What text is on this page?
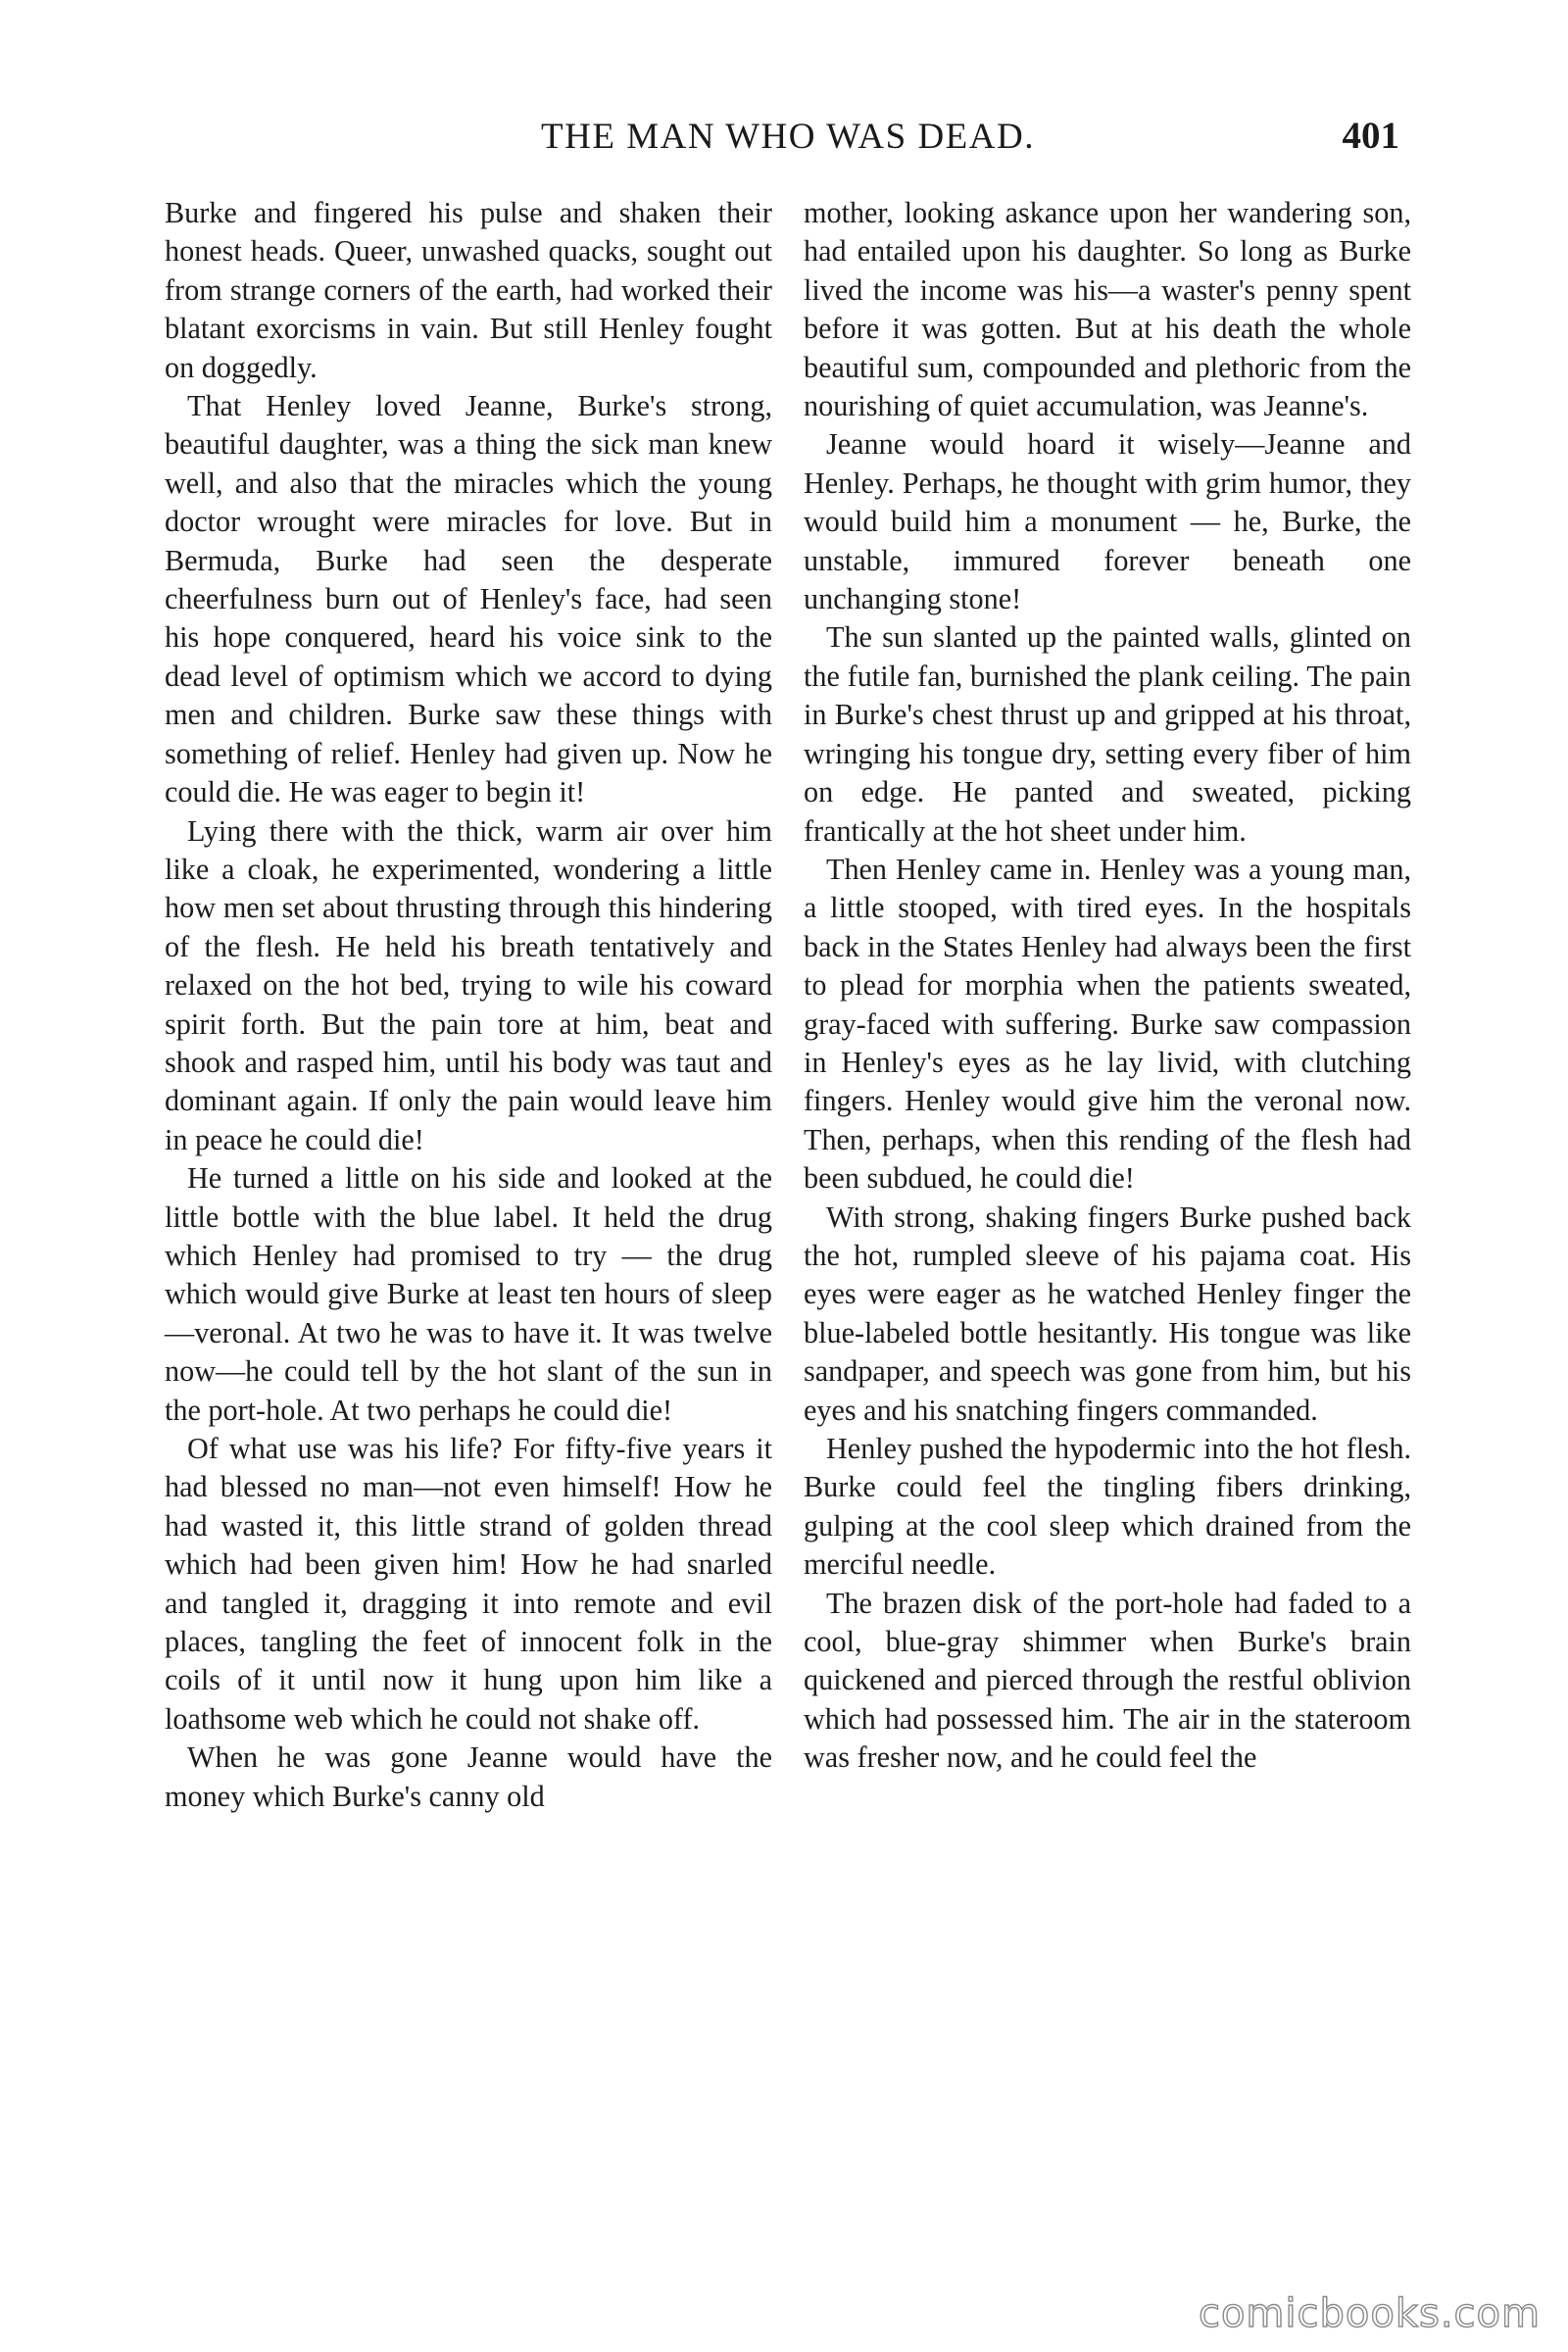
THE MAN WHO WAS DEAD.	401

Burke and fingered his pulse and shaken their honest heads. Queer, unwashed quacks, sought out from strange corners of the earth, had worked their blatant exorcisms in vain. But still Henley fought on doggedly.

That Henley loved Jeanne, Burke's strong, beautiful daughter, was a thing the sick man knew well, and also that the miracles which the young doctor wrought were miracles for love. But in Bermuda, Burke had seen the desperate cheerfulness burn out of Henley's face, had seen his hope conquered, heard his voice sink to the dead level of optimism which we accord to dying men and children. Burke saw these things with something of relief. Henley had given up. Now he could die. He was eager to begin it!

Lying there with the thick, warm air over him like a cloak, he experimented, wondering a little how men set about thrusting through this hindering of the flesh. He held his breath tentatively and relaxed on the hot bed, trying to wile his coward spirit forth. But the pain tore at him, beat and shook and rasped him, until his body was taut and dominant again. If only the pain would leave him in peace he could die!

He turned a little on his side and looked at the little bottle with the blue label. It held the drug which Henley had promised to try — the drug which would give Burke at least ten hours of sleep—veronal. At two he was to have it. It was twelve now—he could tell by the hot slant of the sun in the port-hole. At two perhaps he could die!

Of what use was his life? For fifty-five years it had blessed no man—not even himself! How he had wasted it, this little strand of golden thread which had been given him! How he had snarled and tangled it, dragging it into remote and evil places, tangling the feet of innocent folk in the coils of it until now it hung upon him like a loathsome web which he could not shake off.

When he was gone Jeanne would have the money which Burke's canny old

mother, looking askance upon her wandering son, had entailed upon his daughter. So long as Burke lived the income was his—a waster's penny spent before it was gotten. But at his death the whole beautiful sum, compounded and plethoric from the nourishing of quiet accumulation, was Jeanne's.

Jeanne would hoard it wisely—Jeanne and Henley. Perhaps, he thought with grim humor, they would build him a monument — he, Burke, the unstable, immured forever beneath one unchanging stone!

The sun slanted up the painted walls, glinted on the futile fan, burnished the plank ceiling. The pain in Burke's chest thrust up and gripped at his throat, wringing his tongue dry, setting every fiber of him on edge. He panted and sweated, picking frantically at the hot sheet under him.

Then Henley came in. Henley was a young man, a little stooped, with tired eyes. In the hospitals back in the States Henley had always been the first to plead for morphia when the patients sweated, gray-faced with suffering. Burke saw compassion in Henley's eyes as he lay livid, with clutching fingers. Henley would give him the veronal now. Then, perhaps, when this rending of the flesh had been subdued, he could die!

With strong, shaking fingers Burke pushed back the hot, rumpled sleeve of his pajama coat. His eyes were eager as he watched Henley finger the blue-labeled bottle hesitantly. His tongue was like sandpaper, and speech was gone from him, but his eyes and his snatching fingers commanded.

Henley pushed the hypodermic into the hot flesh. Burke could feel the tingling fibers drinking, gulping at the cool sleep which drained from the merciful needle.

The brazen disk of the port-hole had faded to a cool, blue-gray shimmer when Burke's brain quickened and pierced through the restful oblivion which had possessed him. The air in the stateroom was fresher now, and he could feel the

comicbooks.com
